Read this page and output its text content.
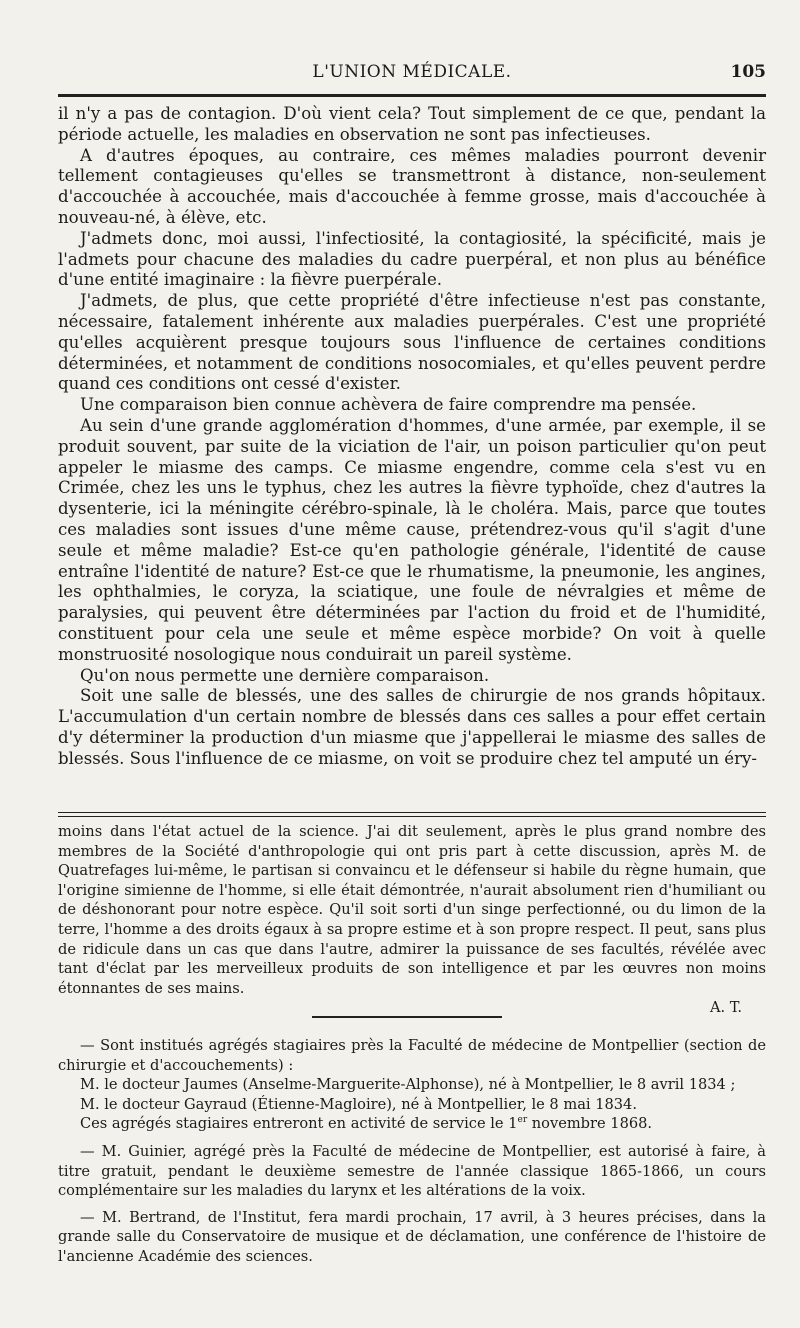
L'UNION MÉDICALE.	105

il n'y a pas de contagion. D'où vient cela? Tout simplement de ce que, pendant la période actuelle, les maladies en observation ne sont pas infectieuses.

A d'autres époques, au contraire, ces mêmes maladies pourront devenir tellement contagieuses qu'elles se transmettront à distance, non-seulement d'accouchée à accouchée, mais d'accouchée à femme grosse, mais d'accouchée à nouveau-né, à élève, etc.

J'admets donc, moi aussi, l'infectiosité, la contagiosité, la spécificité, mais je l'admets pour chacune des maladies du cadre puerpéral, et non plus au bénéfice d'une entité imaginaire : la fièvre puerpérale.

J'admets, de plus, que cette propriété d'être infectieuse n'est pas constante, nécessaire, fatalement inhérente aux maladies puerpérales. C'est une propriété qu'elles acquièrent presque toujours sous l'influence de certaines conditions déterminées, et notamment de conditions nosocomiales, et qu'elles peuvent perdre quand ces conditions ont cessé d'exister.

Une comparaison bien connue achèvera de faire comprendre ma pensée.

Au sein d'une grande agglomération d'hommes, d'une armée, par exemple, il se produit souvent, par suite de la viciation de l'air, un poison particulier qu'on peut appeler le miasme des camps. Ce miasme engendre, comme cela s'est vu en Crimée, chez les uns le typhus, chez les autres la fièvre typhoïde, chez d'autres la dysenterie, ici la méningite cérébro-spinale, là le choléra. Mais, parce que toutes ces maladies sont issues d'une même cause, prétendrez-vous qu'il s'agit d'une seule et même maladie? Est-ce qu'en pathologie générale, l'identité de cause entraîne l'identité de nature? Est-ce que le rhumatisme, la pneumonie, les angines, les ophthalmies, le coryza, la sciatique, une foule de névralgies et même de paralysies, qui peuvent être déterminées par l'action du froid et de l'humidité, constituent pour cela une seule et même espèce morbide? On voit à quelle monstruosité nosologique nous conduirait un pareil système.

Qu'on nous permette une dernière comparaison.

Soit une salle de blessés, une des salles de chirurgie de nos grands hôpitaux. L'accumulation d'un certain nombre de blessés dans ces salles a pour effet certain d'y déterminer la production d'un miasme que j'appellerai le miasme des salles de blessés. Sous l'influence de ce miasme, on voit se produire chez tel amputé un éry-

moins dans l'état actuel de la science. J'ai dit seulement, après le plus grand nombre des membres de la Société d'anthropologie qui ont pris part à cette discussion, après M. de Quatrefages lui-même, le partisan si convaincu et le défenseur si habile du règne humain, que l'origine simienne de l'homme, si elle était démontrée, n'aurait absolument rien d'humiliant ou de déshonorant pour notre espèce. Qu'il soit sorti d'un singe perfectionné, ou du limon de la terre, l'homme a des droits égaux à sa propre estime et à son propre respect. Il peut, sans plus de ridicule dans un cas que dans l'autre, admirer la puissance de ses facultés, révélée avec tant d'éclat par les merveilleux produits de son intelligence et par les œuvres non moins étonnantes de ses mains.

A. T.

— Sont institués agrégés stagiaires près la Faculté de médecine de Montpellier (section de chirurgie et d'accouchements) :

M. le docteur Jaumes (Anselme-Marguerite-Alphonse), né à Montpellier, le 8 avril 1834 ;

M. le docteur Gayraud (Étienne-Magloire), né à Montpellier, le 8 mai 1834.

Ces agrégés stagiaires entreront en activité de service le 1er novembre 1868.

— M. Guinier, agrégé près la Faculté de médecine de Montpellier, est autorisé à faire, à titre gratuit, pendant le deuxième semestre de l'année classique 1865-1866, un cours complémentaire sur les maladies du larynx et les altérations de la voix.

— M. Bertrand, de l'Institut, fera mardi prochain, 17 avril, à 3 heures précises, dans la grande salle du Conservatoire de musique et de déclamation, une conférence de l'histoire de l'ancienne Académie des sciences.
